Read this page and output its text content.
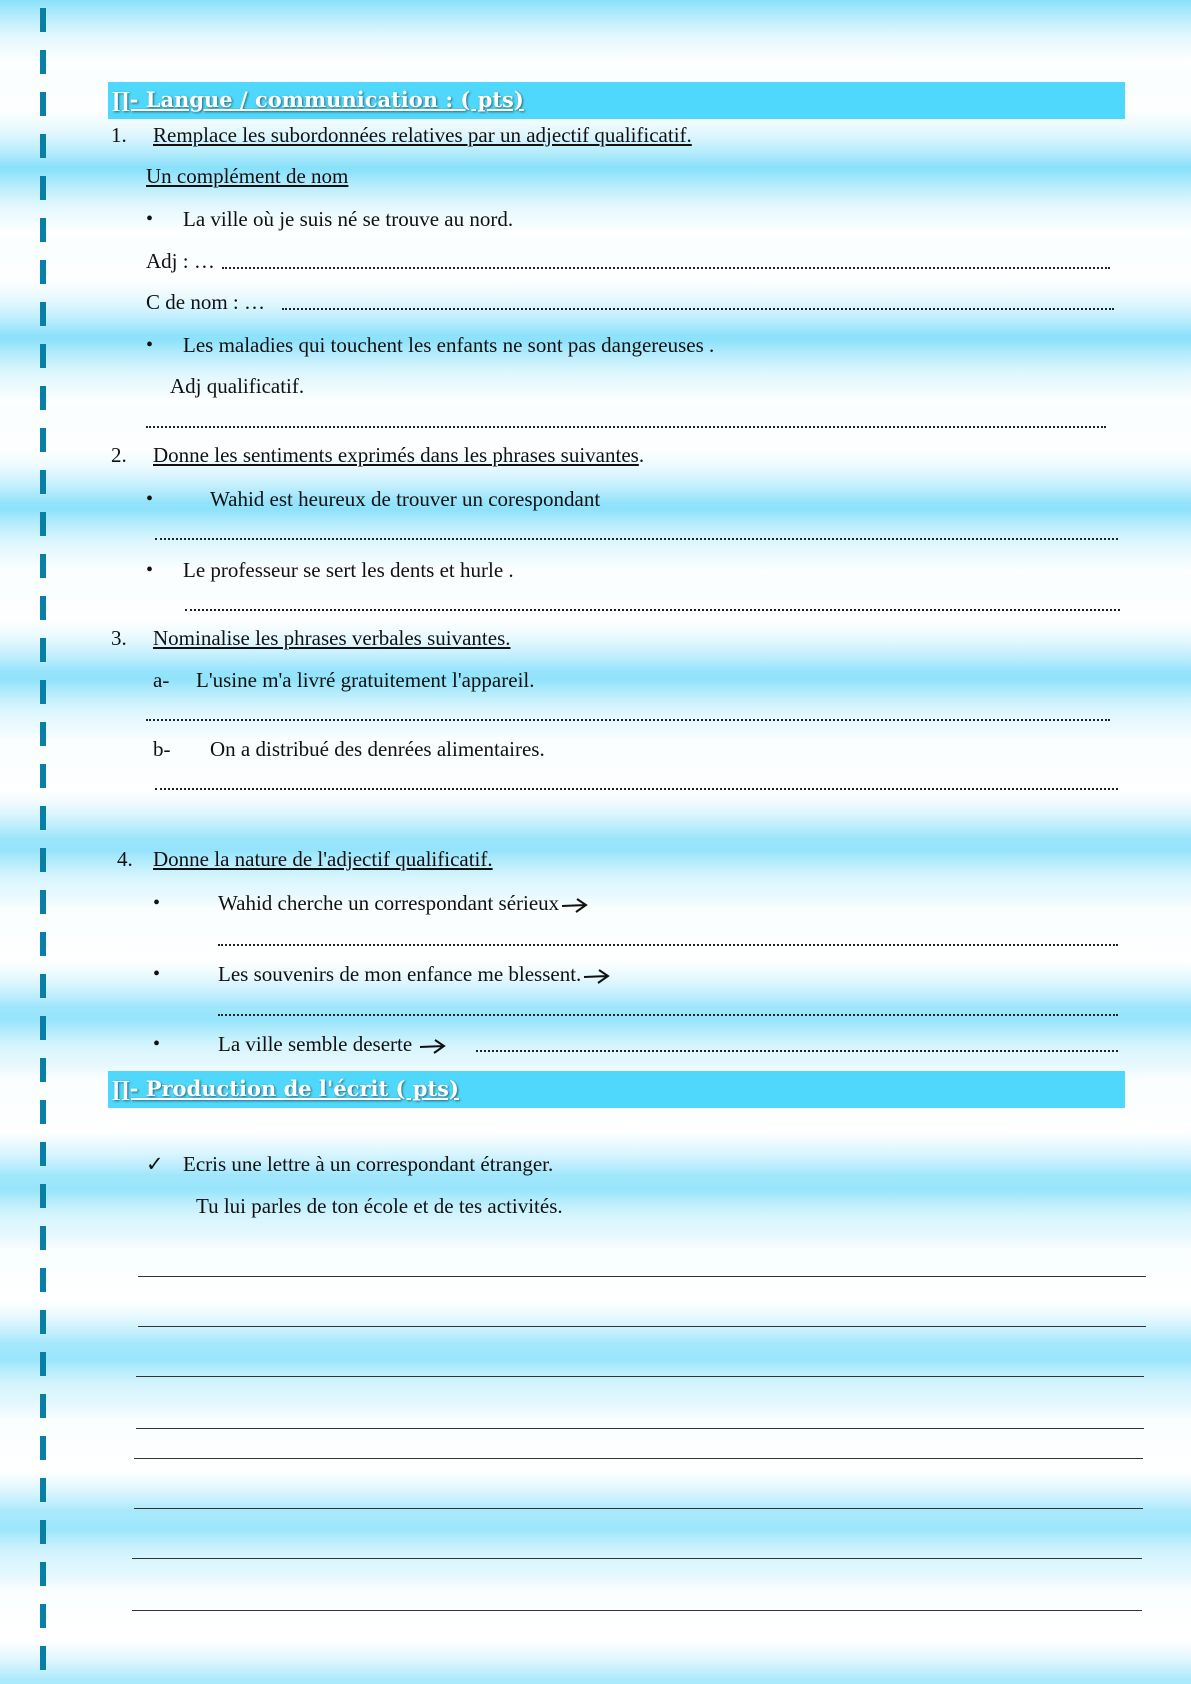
∏- Langue / communication : ( pts)
1. Remplace les subordonnées relatives par un adjectif qualificatif.
Un complément de nom
• La ville où je suis né se trouve au nord.
Adj : …
C de nom : …
• Les maladies qui touchent les enfants ne sont pas dangereuses .
Adj qualificatif.
2. Donne les sentiments exprimés dans les phrases suivantes.
•	Wahid est heureux de trouver un corespondant
• Le professeur se sert les dents et hurle .
3. Nominalise les phrases verbales suivantes.
a- L'usine m'a livré gratuitement l'appareil.
b- On a distribué des denrées alimentaires.
4. Donne la nature de l'adjectif qualificatif.
•	Wahid cherche un correspondant sérieux
•	Les souvenirs de mon enfance me blessent.
•	La ville semble deserte
∏- Production de l'écrit ( pts)
✓ Ecris une lettre à un correspondant étranger.
Tu lui parles de ton école et de tes activités.
